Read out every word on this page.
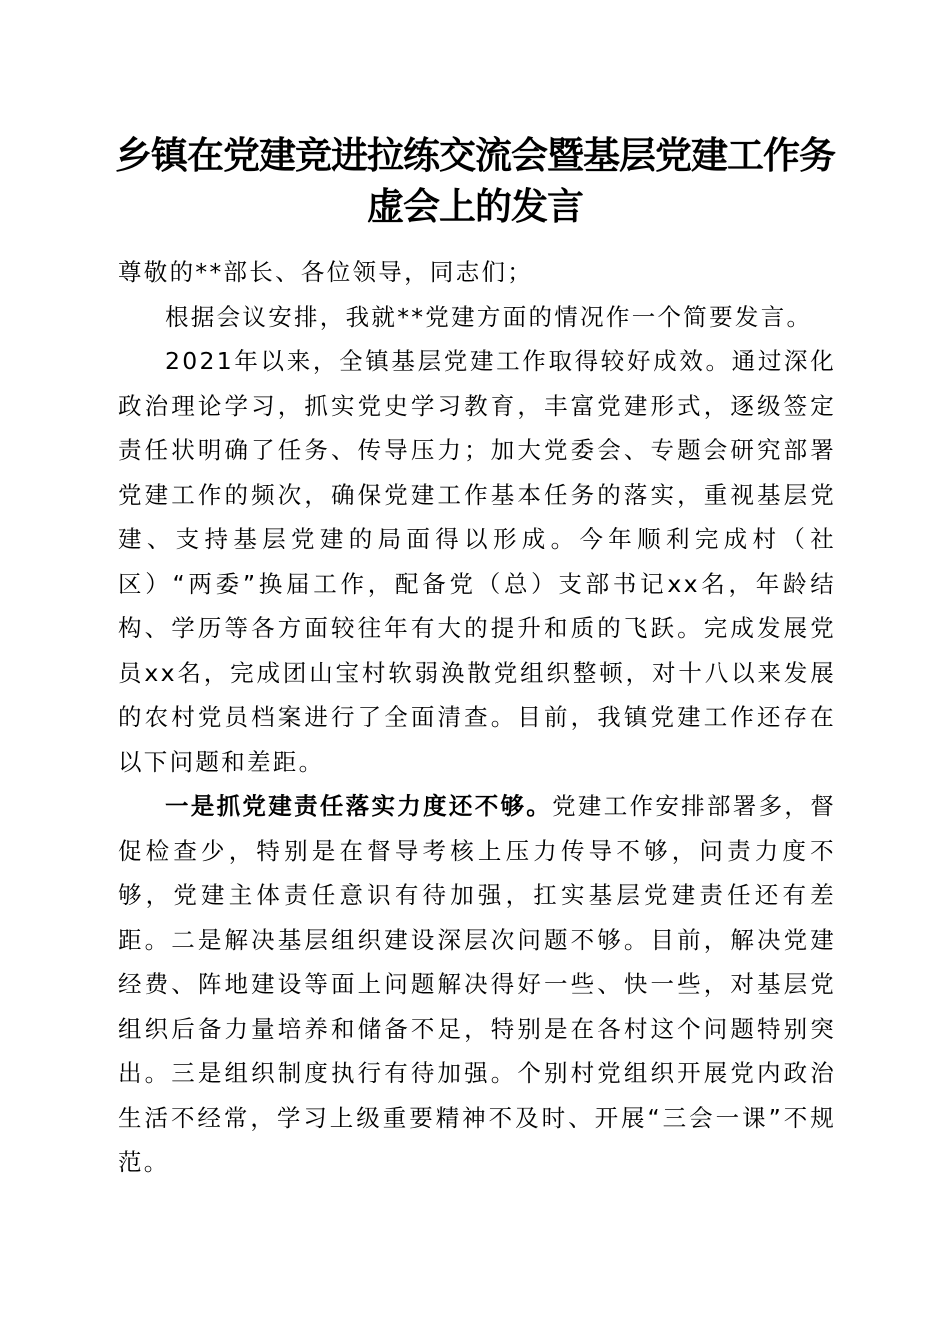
乡镇在党建竞进拉练交流会暨基层党建工作务
虚会上的发言

尊敬的**部长、各位领导，同志们；

根据会议安排，我就**党建方面的情况作一个简要发言。

2021年以来，全镇基层党建工作取得较好成效。通过深化政治理论学习，抓实党史学习教育，丰富党建形式，逐级签定责任状明确了任务、传导压力；加大党委会、专题会研究部署党建工作的频次，确保党建工作基本任务的落实，重视基层党建、支持基层党建的局面得以形成。今年顺利完成村（社区）“两委”换届工作，配备党（总）支部书记xx名，年龄结构、学历等各方面较往年有大的提升和质的飞跃。完成发展党员xx名，完成团山宝村软弱涣散党组织整顿，对十八以来发展的农村党员档案进行了全面清查。目前，我镇党建工作还存在以下问题和差距。

一是抓党建责任落实力度还不够。党建工作安排部署多，督促检查少，特别是在督导考核上压力传导不够，问责力度不够，党建主体责任意识有待加强，扛实基层党建责任还有差距。二是解决基层组织建设深层次问题不够。目前，解决党建经费、阵地建设等面上问题解决得好一些、快一些，对基层党组织后备力量培养和储备不足，特别是在各村这个问题特别突出。三是组织制度执行有待加强。个别村党组织开展党内政治生活不经常，学习上级重要精神不及时、开展“三会一课”不规范。
